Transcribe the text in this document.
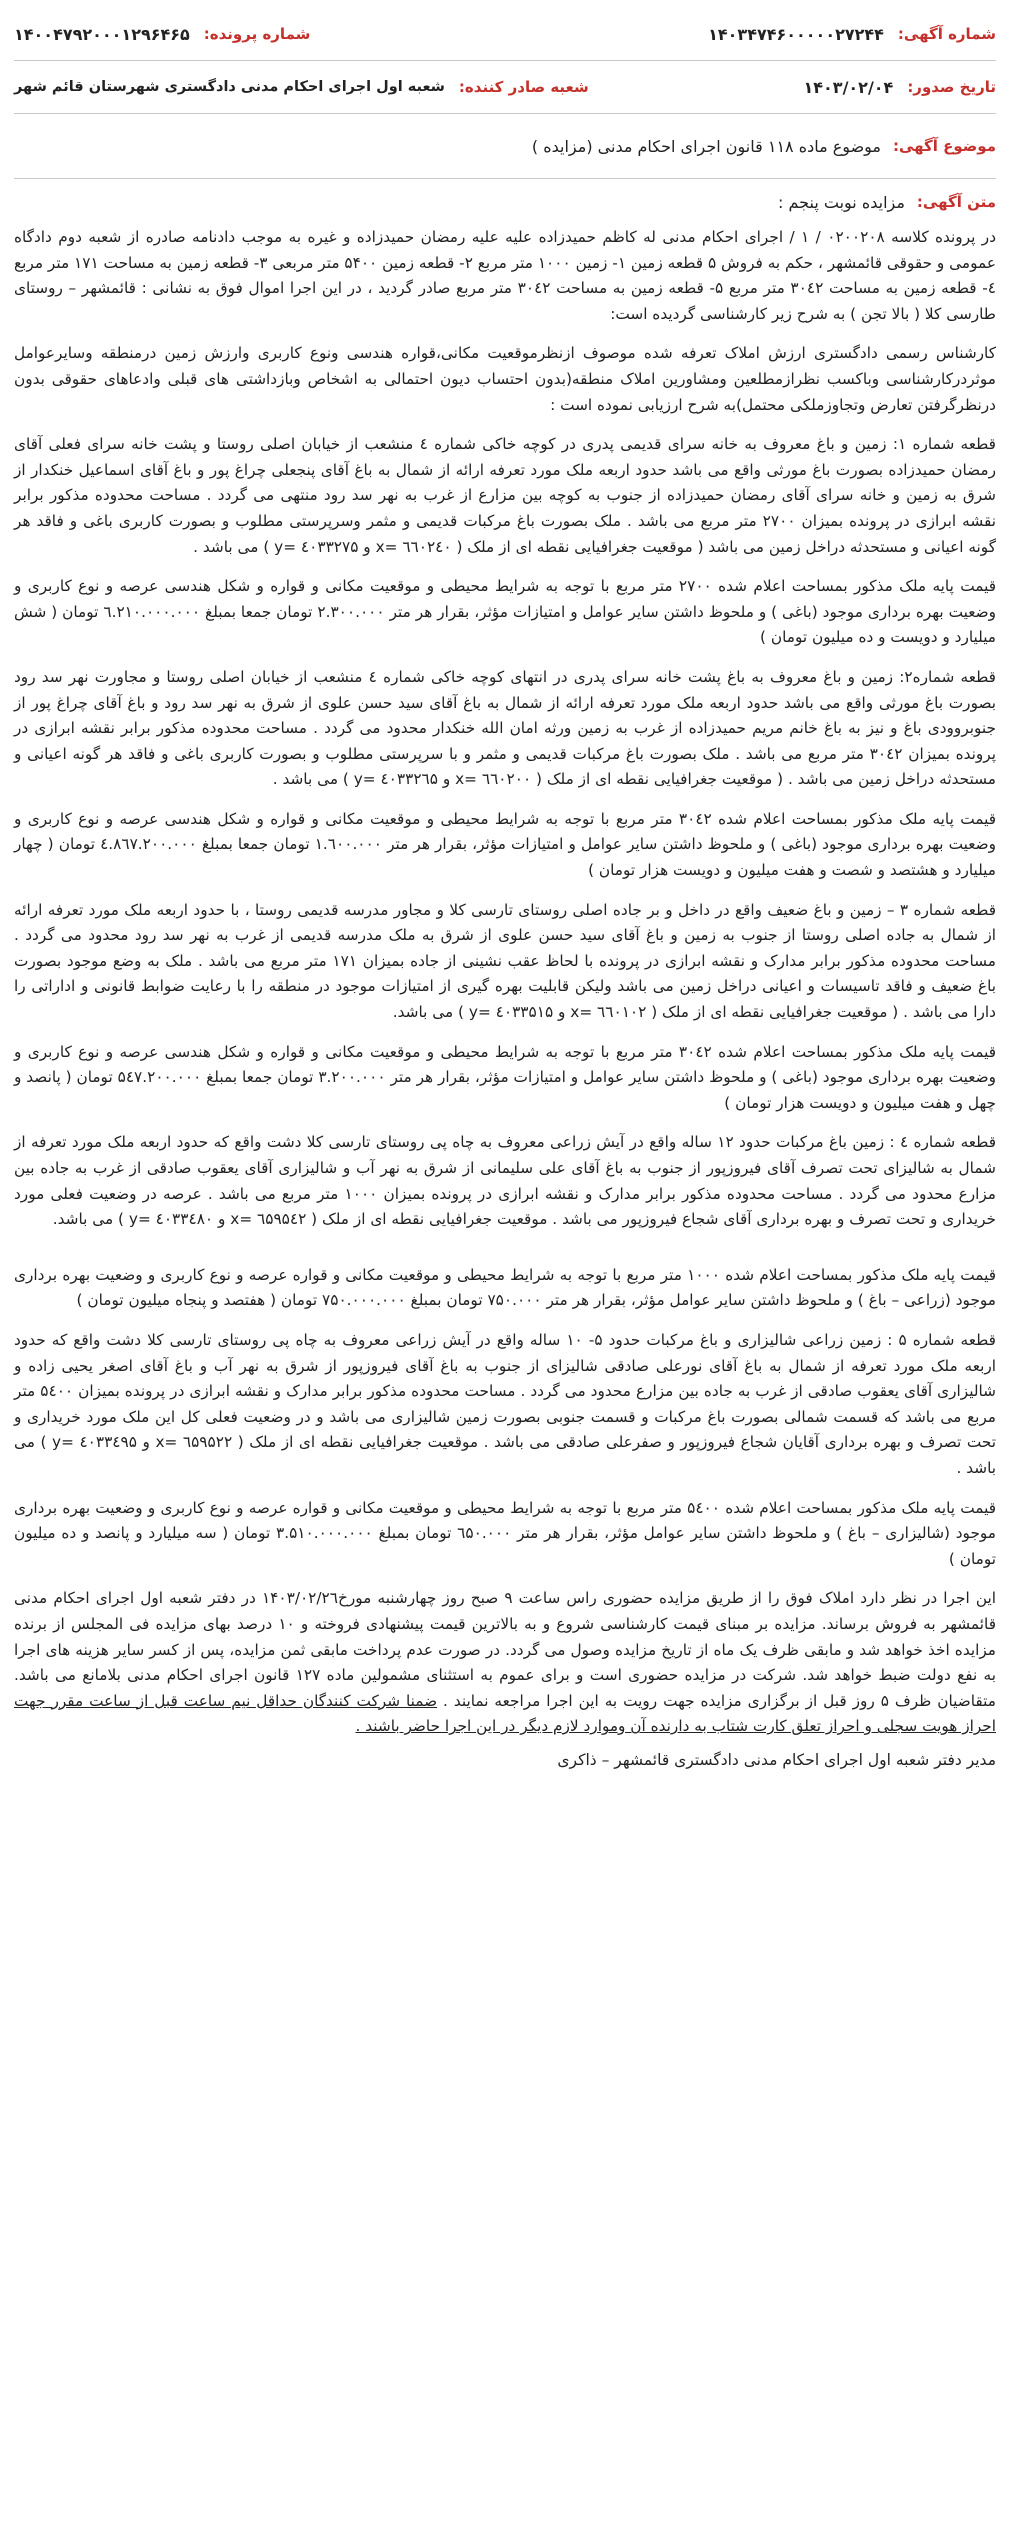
شماره آگهی:
۱۴۰۳۴۷۴۶۰۰۰۰۰۲۷۲۴۴
شماره پرونده:
۱۴۰۰۴۷۹۲۰۰۰۱۲۹۶۴۶۵
تاریخ صدور:
۱۴۰۳/۰۲/۰۴
شعبه صادر کننده:
شعبه اول اجرای احکام مدنی دادگستری شهرستان قائم شهر
موضوع آگهی:
موضوع ماده ۱۱۸ قانون اجرای احکام مدنی (مزایده )
متن آگهی:
مزایده نوبت پنجم :

در پرونده کلاسه ۰۲۰۰۲۰۸ / ۱ / اجرای احکام مدنی له کاظم حمیدزاده علیه علیه رمضان حمیدزاده و غیره به موجب دادنامه صادره از شعبه دوم دادگاه عمومی و حقوقی قائمشهر ، حکم به فروش ۵ قطعه زمین ۱- زمین ۱۰۰۰ متر مربع ۲- قطعه زمین ۵۴۰۰ متر مربعی ۳- قطعه زمین به مساحت ۱۷۱ متر مربع ٤- قطعه زمین به مساحت ۳۰٤۲ متر مربع ۵- قطعه زمین به مساحت ۳۰٤۲ متر مربع صادر گردید ، در این اجرا اموال فوق به نشانی : قائمشهر – روستای طارسی کلا ( بالا تجن ) به شرح زیر کارشناسی گردیده است:

کارشناس رسمی دادگستری ارزش املاک تعرفه شده موصوف ازنظرموقعیت مکانی،قواره هندسی ونوع کاربری وارزش زمین درمنطقه وسایرعوامل موثردرکارشناسی وباکسب نظرازمطلعین ومشاورین املاک منطقه(بدون احتساب دیون احتمالی به اشخاص وبازداشتی های قبلی وادعاهای حقوقی بدون درنظرگرفتن تعارض وتجاوزملکی محتمل)به شرح ارزیابی نموده است :

قطعه شماره ۱: زمین و باغ معروف به خانه سرای قدیمی پدری در کوچه خاکی شماره ٤ منشعب از خیابان اصلی روستا و پشت خانه سرای فعلی آقای رمضان حمیدزاده بصورت باغ مورثی واقع می باشد حدود اربعه ملک مورد تعرفه ارائه از شمال به باغ آقای پنجعلی چراغ پور و باغ آقای اسماعیل خنکدار از شرق به زمین و خانه سرای آقای رمضان حمیدزاده از جنوب به کوچه بین مزارع از غرب به نهر سد رود منتهی می گردد . مساحت محدوده مذکور برابر نقشه ابرازی در پرونده بمیزان ۲۷۰۰ متر مربع می باشد . ملک بصورت باغ مرکبات قدیمی و مثمر وسرپرستی مطلوب و بصورت کاربری باغی و فاقد هر گونه اعیانی و مستحدثه دراخل زمین می باشد ( موقعیت جغرافیایی نقطه ای از ملک ( ٦٦٠٢٤٠ =x و ٤٠٣٣٢٧۵ =y ) می باشد .

قیمت پایه ملک مذکور بمساحت اعلام شده ۲۷۰۰ متر مربع با توجه به شرایط محیطی و موقعیت مکانی و قواره و شکل هندسی عرصه و نوع کاربری و وضعیت بهره برداری موجود (باغی ) و ملحوظ داشتن سایر عوامل و امتیازات مؤثر، بقرار هر متر ۲.۳۰۰.۰۰۰ تومان جمعا بمبلغ ٦.۲۱۰.۰۰۰.۰۰۰ تومان ( شش میلیارد و دویست و ده میلیون تومان )

قطعه شماره۲: زمین و باغ معروف به باغ پشت خانه سرای پدری در انتهای کوچه خاکی شماره ٤ منشعب از خیابان اصلی روستا و مجاورت نهر سد رود بصورت باغ مورثی واقع می باشد حدود اربعه ملک مورد تعرفه ارائه از شمال به باغ آقای سید حسن علوی از شرق به نهر سد رود و باغ آقای چراغ پور از جنوبروودی باغ و نیز به باغ خانم مریم حمیدزاده از غرب به زمین ورثه امان الله خنکدار محدود می گردد . مساحت محدوده مذکور برابر نقشه ابرازی در پرونده بمیزان ۳۰٤۲ متر مربع می باشد . ملک بصورت باغ مرکبات قدیمی و مثمر و با سرپرستی مطلوب و بصورت کاربری باغی و فاقد هر گونه اعیانی و مستحدثه دراخل زمین می باشد . ( موقعیت جغرافیایی نقطه ای از ملک ( ٦٦٠٢٠٠ =x و ٤٠٣٣٢٦۵ =y ) می باشد .

قیمت پایه ملک مذکور بمساحت اعلام شده ۳۰٤۲ متر مربع با توجه به شرایط محیطی و موقعیت مکانی و قواره و شکل هندسی عرصه و نوع کاربری و وضعیت بهره برداری موجود (باغی ) و ملحوظ داشتن سایر عوامل و امتیازات مؤثر، بقرار هر متر ۱.٦۰۰.۰۰۰ تومان جمعا بمبلغ ٤.۸٦۷.۲۰۰.۰۰۰ تومان ( چهار میلیارد و هشتصد و شصت و هفت میلیون و دویست هزار تومان )

قطعه شماره ۳ – زمین و باغ ضعیف واقع در داخل و بر جاده اصلی روستای تارسی کلا و مجاور مدرسه قدیمی روستا ، با حدود اربعه ملک مورد تعرفه ارائه از شمال به جاده اصلی روستا از جنوب به زمین و باغ آقای سید حسن علوی از شرق به ملک مدرسه قدیمی از غرب به نهر سد رود محدود می گردد . مساحت محدوده مذکور برابر مدارک و نقشه ابرازی در پرونده با لحاظ عقب نشینی از جاده بمیزان ۱۷۱ متر مربع می باشد . ملک به وضع موجود بصورت باغ ضعیف و فاقد تاسیسات و اعیانی دراخل زمین می باشد ولیکن قابلیت بهره گیری از امتیازات موجود در منطقه را با رعایت ضوابط قانونی و اداراتی را دارا می باشد . ( موقعیت جغرافیایی نقطه ای از ملک ( ٦٦٠١۰۲ =x و ٤٠٣٣۵١۵ =y ) می باشد.

قیمت پایه ملک مذکور بمساحت اعلام شده ۳۰٤۲ متر مربع با توجه به شرایط محیطی و موقعیت مکانی و قواره و شکل هندسی عرصه و نوع کاربری و وضعیت بهره برداری موجود (باغی ) و ملحوظ داشتن سایر عوامل و امتیازات مؤثر، بقرار هر متر ۳.۲۰۰.۰۰۰ تومان جمعا بمبلغ ۵٤۷.۲۰۰.۰۰۰ تومان ( پانصد و چهل و هفت میلیون و دویست هزار تومان )

قطعه شماره ٤ : زمین باغ مرکبات حدود ۱۲ ساله واقع در آیش زراعی معروف به چاه پی روستای تارسی کلا دشت واقع که حدود اربعه ملک مورد تعرفه از شمال به شالیزای تحت تصرف آقای فیروزپور از جنوب به باغ آقای علی سلیمانی از شرق به نهر آب و شالیزاری آقای یعقوب صادقی از غرب به جاده بین مزارع محدود می گردد . مساحت محدوده مذکور برابر مدارک و نقشه ابرازی در پرونده بمیزان ۱۰۰۰ متر مربع می باشد . عرصه در وضعیت فعلی مورد خریداری و تحت تصرف و بهره برداری آقای شجاع فیروزپور می باشد . موقعیت جغرافیایی نقطه ای از ملک ( ٦۵٩۵٤٢ =x و ٤٠٣٣٤٨٠ =y ) می باشد.

قیمت پایه ملک مذکور بمساحت اعلام شده ۱۰۰۰ متر مربع با توجه به شرایط محیطی و موقعیت مکانی و قواره عرصه و نوع کاربری و وضعیت بهره برداری موجود (زراعی – باغ ) و ملحوظ داشتن سایر عوامل مؤثر، بقرار هر متر ۷۵۰.۰۰۰ تومان بمبلغ ۷۵۰.۰۰۰.۰۰۰ تومان ( هفتصد و پنجاه میلیون تومان )

قطعه شماره ۵ : زمین زراعی شالیزاری و باغ مرکبات حدود ۵- ۱۰ ساله واقع در آیش زراعی معروف به چاه پی روستای تارسی کلا دشت واقع که حدود اربعه ملک مورد تعرفه از شمال به باغ آقای نورعلی صادقی شالیزای از جنوب به باغ آقای فیروزپور از شرق به نهر آب و باغ آقای اصغر یحیی زاده و شالیزاری آقای یعقوب صادقی از غرب به جاده بین مزارع محدود می گردد . مساحت محدوده مذکور برابر مدارک و نقشه ابرازی در پرونده بمیزان ۵٤۰۰ متر مربع می باشد که قسمت شمالی بصورت باغ مرکبات و قسمت جنوبی بصورت زمین شالیزاری می باشد و در وضعیت فعلی کل این ملک مورد خریداری و تحت تصرف و بهره برداری آقایان شجاع فیروزپور و صفرعلی صادقی می باشد . موقعیت جغرافیایی نقطه ای از ملک ( ٦۵٩۵٢٢ =x و ٤٠٣٣٤٩۵ =y ) می باشد .

قیمت پایه ملک مذکور بمساحت اعلام شده ۵٤۰۰ متر مربع با توجه به شرایط محیطی و موقعیت مکانی و قواره عرصه و نوع کاربری و وضعیت بهره برداری موجود (شالیزاری – باغ ) و ملحوظ داشتن سایر عوامل مؤثر، بقرار هر متر ٦۵۰.۰۰۰ تومان بمبلغ ۳.۵۱۰.۰۰۰.۰۰۰ تومان ( سه میلیارد و پانصد و ده میلیون تومان )

این اجرا در نظر دارد املاک فوق را از طریق مزایده حضوری راس ساعت ۹ صبح روز چهارشنبه مورخ۱۴۰۳/۰۲/۲٦ در دفتر شعبه اول اجرای احکام مدنی قائمشهر به فروش برساند. مزایده بر مبنای قیمت کارشناسی شروع و به بالاترین قیمت پیشنهادی فروخته و ۱۰ درصد بهای مزایده فی المجلس از برنده مزایده اخذ خواهد شد و مابقی ظرف یک ماه از تاریخ مزایده وصول می گردد. در صورت عدم پرداخت مابقی ثمن مزایده، پس از کسر سایر هزینه های اجرا به نفع دولت ضبط خواهد شد. شرکت در مزایده حضوری است و برای عموم به استثنای مشمولین ماده ۱۲۷ قانون اجرای احکام مدنی بلامانع می باشد. متقاضیان ظرف ۵ روز قبل از برگزاری مزایده جهت رویت به این اجرا مراجعه نمایند . ضمنا شرکت کنندگان حداقل نیم ساعت قبل از ساعت مقرر جهت احراز هویت سجلی و احراز تعلق کارت شتاب به دارنده آن وموارد لازم دیگر در این اجرا حاضر باشند .

مدیر دفتر شعبه اول اجرای احکام مدنی دادگستری قائمشهر – ذاکری
